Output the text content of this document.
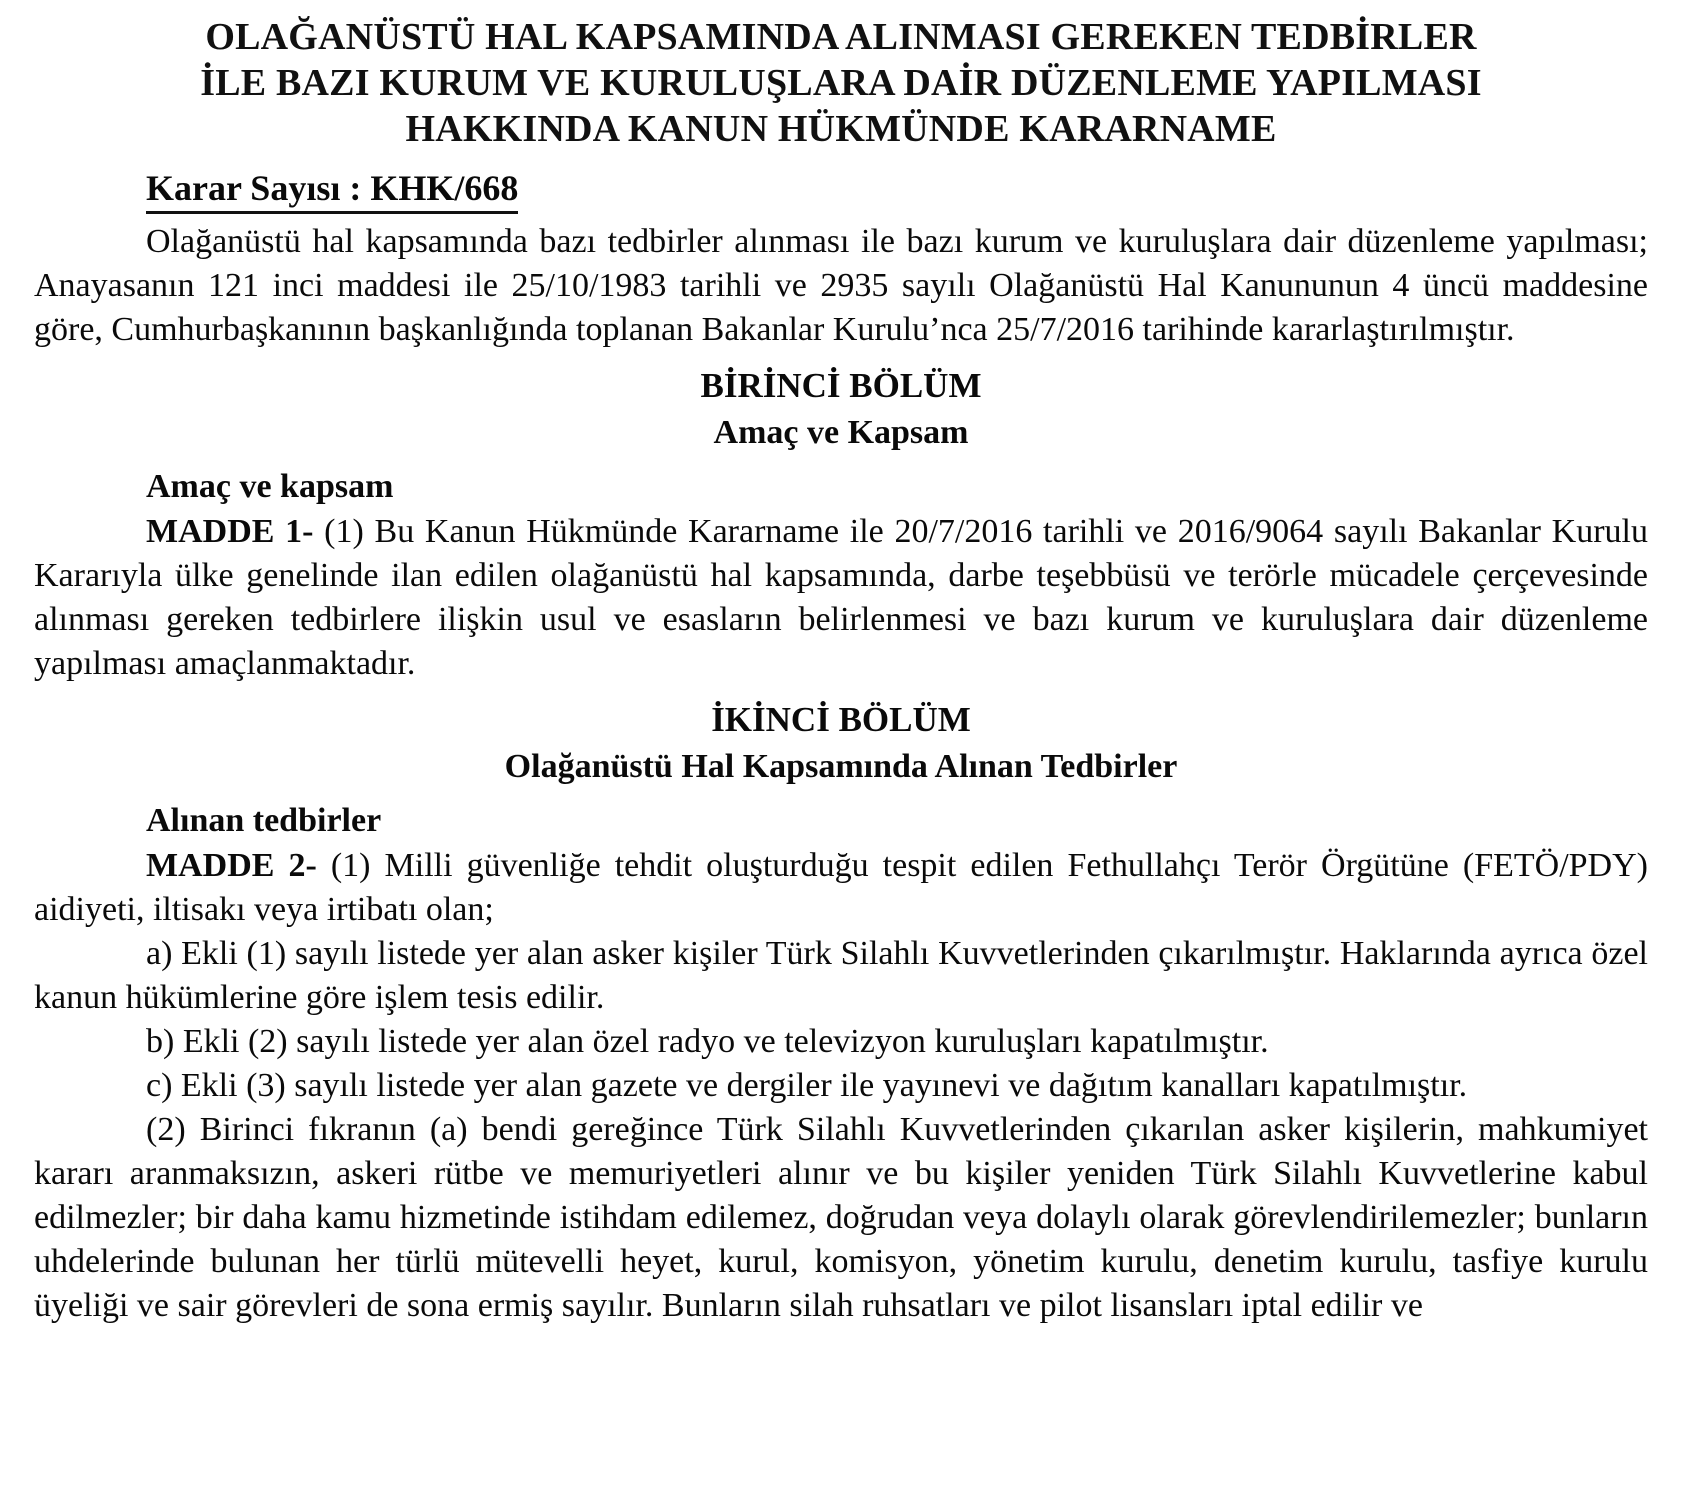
OLAĞANÜSTÜ HAL KAPSAMINDA ALINMASI GEREKEN TEDBİRLER
İLE BAZI KURUM VE KURULUŞLARA DAİR DÜZENLEME YAPILMASI
HAKKINDA KANUN HÜKMÜNDE KARARNAME
Karar Sayısı : KHK/668

Olağanüstü hal kapsamında bazı tedbirler alınması ile bazı kurum ve kuruluşlara dair düzenleme yapılması; Anayasanın 121 inci maddesi ile 25/10/1983 tarihli ve 2935 sayılı Olağanüstü Hal Kanununun 4 üncü maddesine göre, Cumhurbaşkanının başkanlığında toplanan Bakanlar Kurulu’nca 25/7/2016 tarihinde kararlaştırılmıştır.

BİRİNCİ BÖLÜM
Amaç ve Kapsam
Amaç ve kapsam

MADDE 1- (1) Bu Kanun Hükmünde Kararname ile 20/7/2016 tarihli ve 2016/9064 sayılı Bakanlar Kurulu Kararıyla ülke genelinde ilan edilen olağanüstü hal kapsamında, darbe teşebbüsü ve terörle mücadele çerçevesinde alınması gereken tedbirlere ilişkin usul ve esasların belirlenmesi ve bazı kurum ve kuruluşlara dair düzenleme yapılması amaçlanmaktadır.

İKİNCİ BÖLÜM
Olağanüstü Hal Kapsamında Alınan Tedbirler
Alınan tedbirler

MADDE 2- (1) Milli güvenliğe tehdit oluşturduğu tespit edilen Fethullahçı Terör Örgütüne (FETÖ/PDY) aidiyeti, iltisakı veya irtibatı olan;

a) Ekli (1) sayılı listede yer alan asker kişiler Türk Silahlı Kuvvetlerinden çıkarılmıştır. Haklarında ayrıca özel kanun hükümlerine göre işlem tesis edilir.

b) Ekli (2) sayılı listede yer alan özel radyo ve televizyon kuruluşları kapatılmıştır.

c) Ekli (3) sayılı listede yer alan gazete ve dergiler ile yayınevi ve dağıtım kanalları kapatılmıştır.

(2) Birinci fıkranın (a) bendi gereğince Türk Silahlı Kuvvetlerinden çıkarılan asker kişilerin, mahkumiyet kararı aranmaksızın, askeri rütbe ve memuriyetleri alınır ve bu kişiler yeniden Türk Silahlı Kuvvetlerine kabul edilmezler; bir daha kamu hizmetinde istihdam edilemez, doğrudan veya dolaylı olarak görevlendirilemezler; bunların uhdelerinde bulunan her türlü mütevelli heyet, kurul, komisyon, yönetim kurulu, denetim kurulu, tasfiye kurulu üyeliği ve sair görevleri de sona ermiş sayılır. Bunların silah ruhsatları ve pilot lisansları iptal edilir ve
